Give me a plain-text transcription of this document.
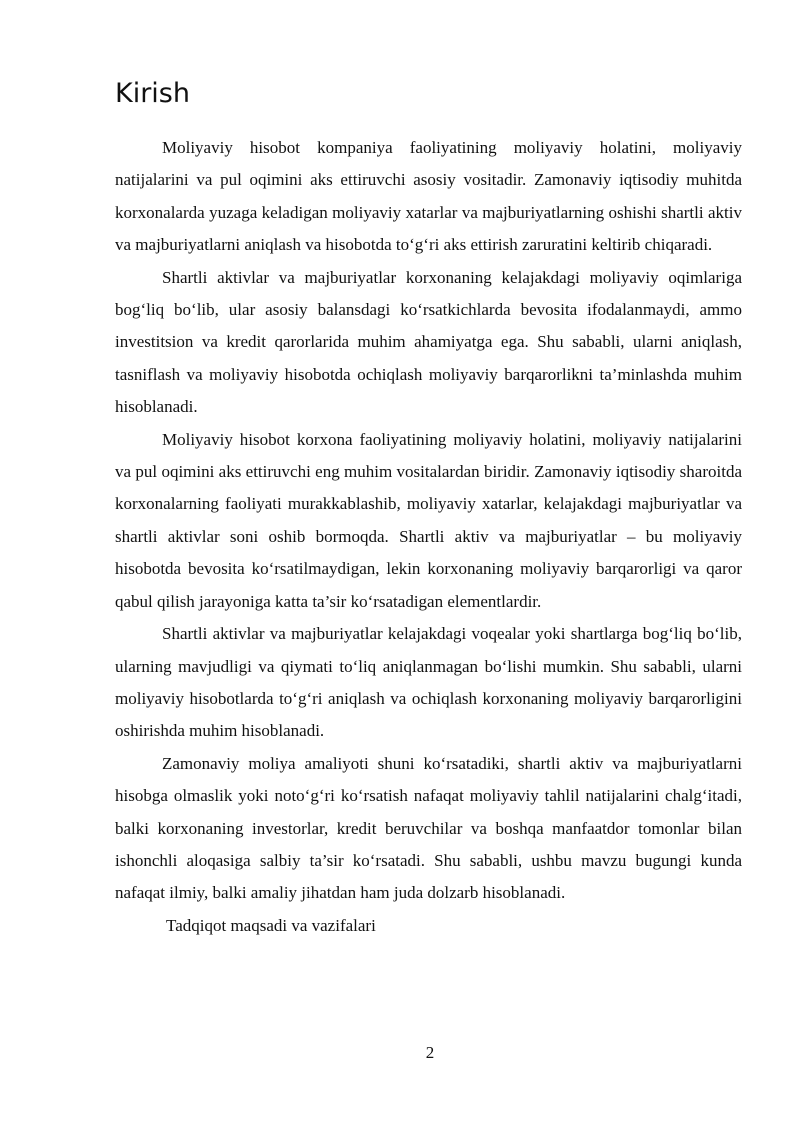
Kirish

Moliyaviy hisobot kompaniya faoliyatining moliyaviy holatini, moliyaviy natijalarini va pul oqimini aks ettiruvchi asosiy vositadir. Zamonaviy iqtisodiy muhitda korxonalarda yuzaga keladigan moliyaviy xatarlar va majburiyatlarning oshishi shartli aktiv va majburiyatlarni aniqlash va hisobotda to‘g‘ri aks ettirish zaruratini keltirib chiqaradi.

Shartli aktivlar va majburiyatlar korxonaning kelajakdagi moliyaviy oqimlariga bog‘liq bo‘lib, ular asosiy balansdagi ko‘rsatkichlarda bevosita ifodalanmaydi, ammo investitsion va kredit qarorlarida muhim ahamiyatga ega. Shu sababli, ularni aniqlash, tasniflash va moliyaviy hisobotda ochiqlash moliyaviy barqarorlikni ta’minlashda muhim hisoblanadi.

Moliyaviy hisobot korxona faoliyatining moliyaviy holatini, moliyaviy natijalarini va pul oqimini aks ettiruvchi eng muhim vositalardan biridir. Zamonaviy iqtisodiy sharoitda korxonalarning faoliyati murakkablashib, moliyaviy xatarlar, kelajakdagi majburiyatlar va shartli aktivlar soni oshib bormoqda. Shartli aktiv va majburiyatlar – bu moliyaviy hisobotda bevosita ko‘rsatilmaydigan, lekin korxonaning moliyaviy barqarorligi va qaror qabul qilish jarayoniga katta ta’sir ko‘rsatadigan elementlardir.

Shartli aktivlar va majburiyatlar kelajakdagi voqealar yoki shartlarga bog‘liq bo‘lib, ularning mavjudligi va qiymati to‘liq aniqlanmagan bo‘lishi mumkin. Shu sababli, ularni moliyaviy hisobotlarda to‘g‘ri aniqlash va ochiqlash korxonaning moliyaviy barqarorligini oshirishda muhim hisoblanadi.

Zamonaviy moliya amaliyoti shuni ko‘rsatadiki, shartli aktiv va majburiyatlarni hisobga olmaslik yoki noto‘g‘ri ko‘rsatish nafaqat moliyaviy tahlil natijalarini chalg‘itadi, balki korxonaning investorlar, kredit beruvchilar va boshqa manfaatdor tomonlar bilan ishonchli aloqasiga salbiy ta’sir ko‘rsatadi. Shu sababli, ushbu mavzu bugungi kunda nafaqat ilmiy, balki amaliy jihatdan ham juda dolzarb hisoblanadi.

Tadqiqot maqsadi va vazifalari

2
